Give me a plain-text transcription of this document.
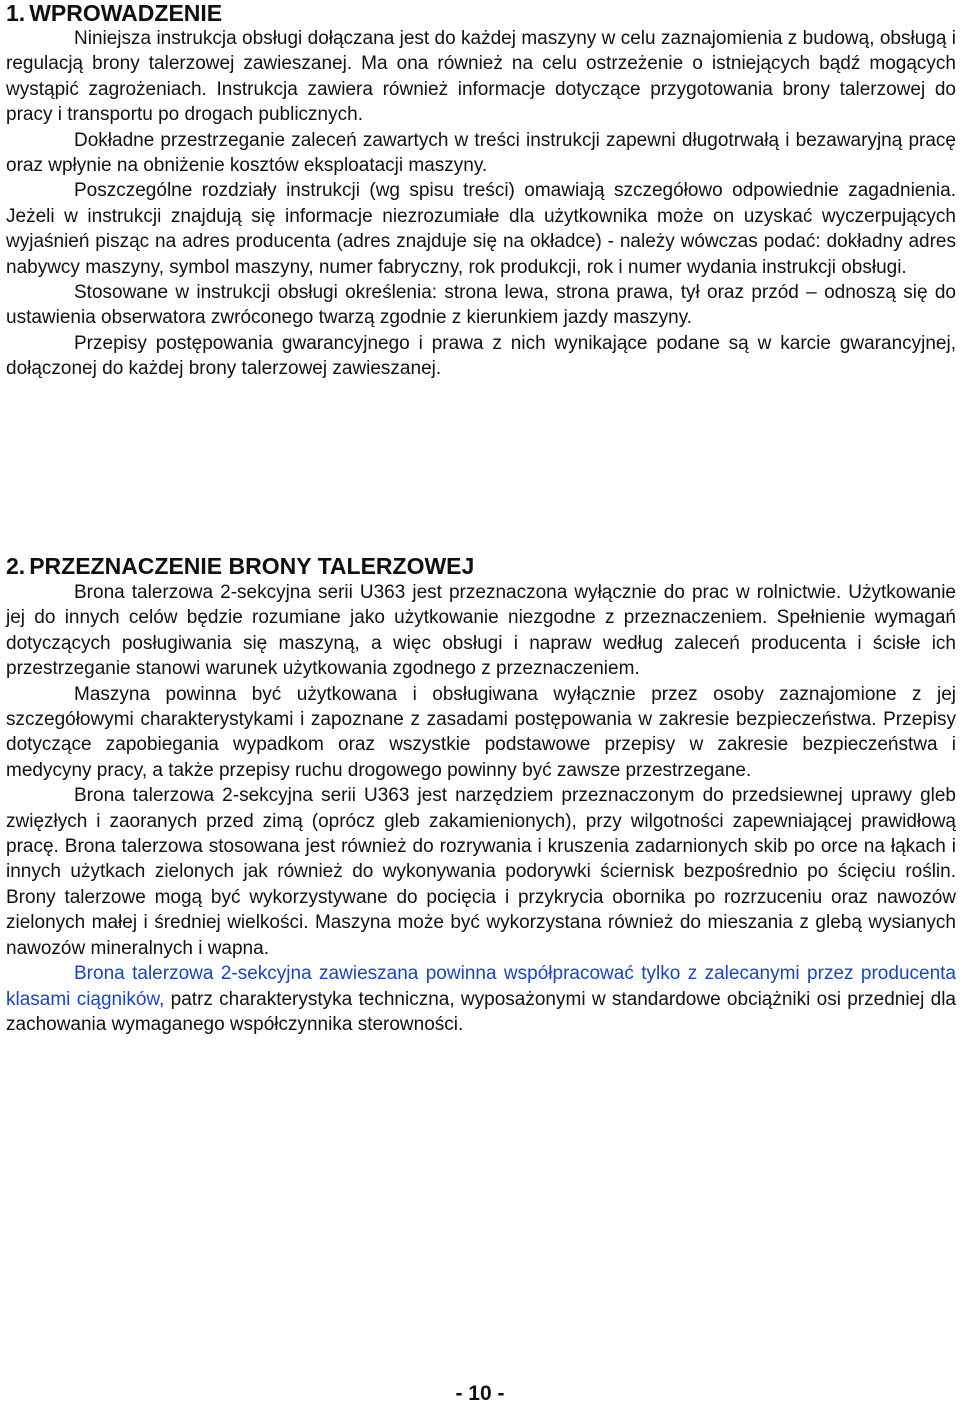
1. WPROWADZENIE

Niniejsza instrukcja obsługi dołączana jest do każdej maszyny w celu zaznajomienia z budową, obsługą i regulacją brony talerzowej zawieszanej. Ma ona również na celu ostrzeżenie o istniejących bądź mogących wystąpić zagrożeniach. Instrukcja zawiera również informacje dotyczące przygotowania brony talerzowej do pracy i transportu po drogach publicznych.

Dokładne przestrzeganie zaleceń zawartych w treści instrukcji zapewni długotrwałą i bezawaryjną pracę oraz wpłynie na obniżenie kosztów eksploatacji maszyny.

Poszczególne rozdziały instrukcji (wg spisu treści) omawiają szczegółowo odpowiednie zagadnienia. Jeżeli w instrukcji znajdują się informacje niezrozumiałe dla użytkownika może on uzyskać wyczerpujących wyjaśnień pisząc na adres producenta (adres znajduje się na okładce) - należy wówczas podać: dokładny adres nabywcy maszyny, symbol maszyny, numer fabryczny, rok produkcji, rok i numer wydania instrukcji obsługi.

Stosowane w instrukcji obsługi określenia: strona lewa, strona prawa, tył oraz przód – odnoszą się do ustawienia obserwatora zwróconego twarzą zgodnie z kierunkiem jazdy maszyny.

Przepisy postępowania gwarancyjnego i prawa z nich wynikające podane są w karcie gwarancyjnej, dołączonej do każdej brony talerzowej zawieszanej.

2. PRZEZNACZENIE BRONY TALERZOWEJ

Brona talerzowa 2-sekcyjna serii U363 jest przeznaczona wyłącznie do prac w rolnictwie. Użytkowanie jej do innych celów będzie rozumiane jako użytkowanie niezgodne z przeznaczeniem. Spełnienie wymagań dotyczących posługiwania się maszyną, a więc obsługi i napraw według zaleceń producenta i ścisłe ich przestrzeganie stanowi warunek użytkowania zgodnego z przeznaczeniem.

Maszyna powinna być użytkowana i obsługiwana wyłącznie przez osoby zaznajomione z jej szczegółowymi charakterystykami i zapoznane z zasadami postępowania w zakresie bezpieczeństwa. Przepisy dotyczące zapobiegania wypadkom oraz wszystkie podstawowe przepisy w zakresie bezpieczeństwa i medycyny pracy, a także przepisy ruchu drogowego powinny być zawsze przestrzegane.

Brona talerzowa 2-sekcyjna serii U363 jest narzędziem przeznaczonym do przedsiewnej uprawy gleb zwięzłych i zaoranych przed zimą (oprócz gleb zakamienionych), przy wilgotności zapewniającej prawidłową pracę. Brona talerzowa stosowana jest również do rozrywania i kruszenia zadarnionych skib po orce na łąkach i innych użytkach zielonych jak również do wykonywania podorywki ściernisk bezpośrednio po ścięciu roślin. Brony talerzowe mogą być wykorzystywane do pocięcia i przykrycia obornika po rozrzuceniu oraz nawozów zielonych małej i średniej wielkości. Maszyna może być wykorzystana również do mieszania z glebą wysianych nawozów mineralnych i wapna.

Brona talerzowa 2-sekcyjna zawieszana powinna współpracować tylko z zalecanymi przez producenta klasami ciągników, patrz charakterystyka techniczna, wyposażonymi w standardowe obciążniki osi przedniej dla zachowania wymaganego współczynnika sterowności.

- 10 -
